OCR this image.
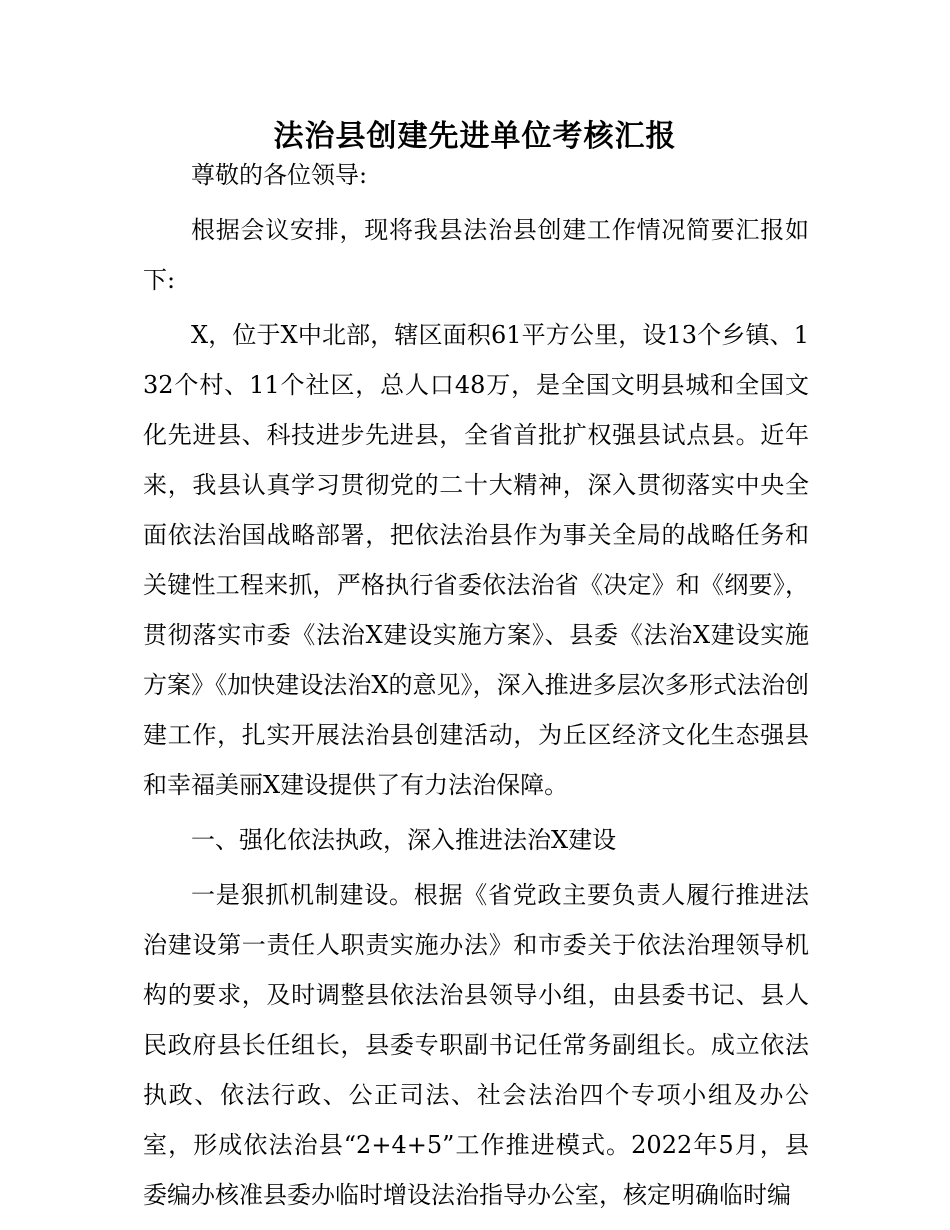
法治县创建先进单位考核汇报

尊敬的各位领导:

根据会议安排，现将我县法治县创建工作情况简要汇报如下:

X，位于X中北部，辖区面积61平方公里，设13个乡镇、132个村、11个社区，总人口48万，是全国文明县城和全国文化先进县、科技进步先进县，全省首批扩权强县试点县。近年来，我县认真学习贯彻党的二十大精神，深入贯彻落实中央全面依法治国战略部署，把依法治县作为事关全局的战略任务和关键性工程来抓，严格执行省委依法治省《决定》和《纲要》，贯彻落实市委《法治X建设实施方案》、县委《法治X建设实施方案》《加快建设法治X的意见》，深入推进多层次多形式法治创建工作，扎实开展法治县创建活动，为丘区经济文化生态强县和幸福美丽X建设提供了有力法治保障。

一、强化依法执政，深入推进法治X建设

一是狠抓机制建设。根据《省党政主要负责人履行推进法治建设第一责任人职责实施办法》和市委关于依法治理领导机构的要求，及时调整县依法治县领导小组，由县委书记、县人民政府县长任组长，县委专职副书记任常务副组长。成立依法执政、依法行政、公正司法、社会法治四个专项小组及办公室，形成依法治县“2+4+5”工作推进模式。2022年5月，县委编办核准县委办临时增设法治指导办公室，核定明确临时编
